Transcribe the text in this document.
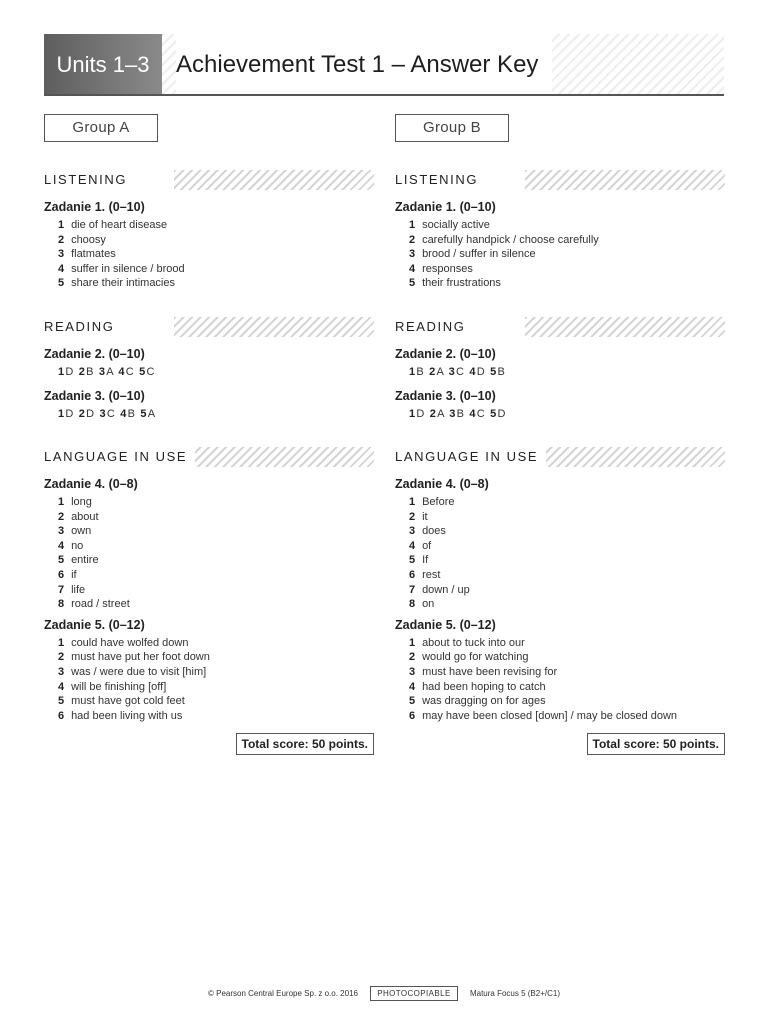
Units 1–3	Achievement Test 1 – Answer Key
Group A
LISTENING
Zadanie 1. (0–10)
1 die of heart disease
2 choosy
3 flatmates
4 suffer in silence / brood
5 share their intimacies
READING
Zadanie 2. (0–10)
1D 2B 3A 4C 5C
Zadanie 3. (0–10)
1D 2D 3C 4B 5A
LANGUAGE IN USE
Zadanie 4. (0–8)
1 long
2 about
3 own
4 no
5 entire
6 if
7 life
8 road / street
Zadanie 5. (0–12)
1 could have wolfed down
2 must have put her foot down
3 was / were due to visit [him]
4 will be finishing [off]
5 must have got cold feet
6 had been living with us
Total score: 50 points.
Group B
LISTENING
Zadanie 1. (0–10)
1 socially active
2 carefully handpick / choose carefully
3 brood / suffer in silence
4 responses
5 their frustrations
READING
Zadanie 2. (0–10)
1B 2A 3C 4D 5B
Zadanie 3. (0–10)
1D 2A 3B 4C 5D
LANGUAGE IN USE
Zadanie 4. (0–8)
1 Before
2 it
3 does
4 of
5 If
6 rest
7 down / up
8 on
Zadanie 5. (0–12)
1 about to tuck into our
2 would go for watching
3 must have been revising for
4 had been hoping to catch
5 was dragging on for ages
6 may have been closed [down] / may be closed down
Total score: 50 points.
© Pearson Central Europe Sp. z o.o. 2016 PHOTOCOPIABLE Matura Focus 5 (B2+/C1)
